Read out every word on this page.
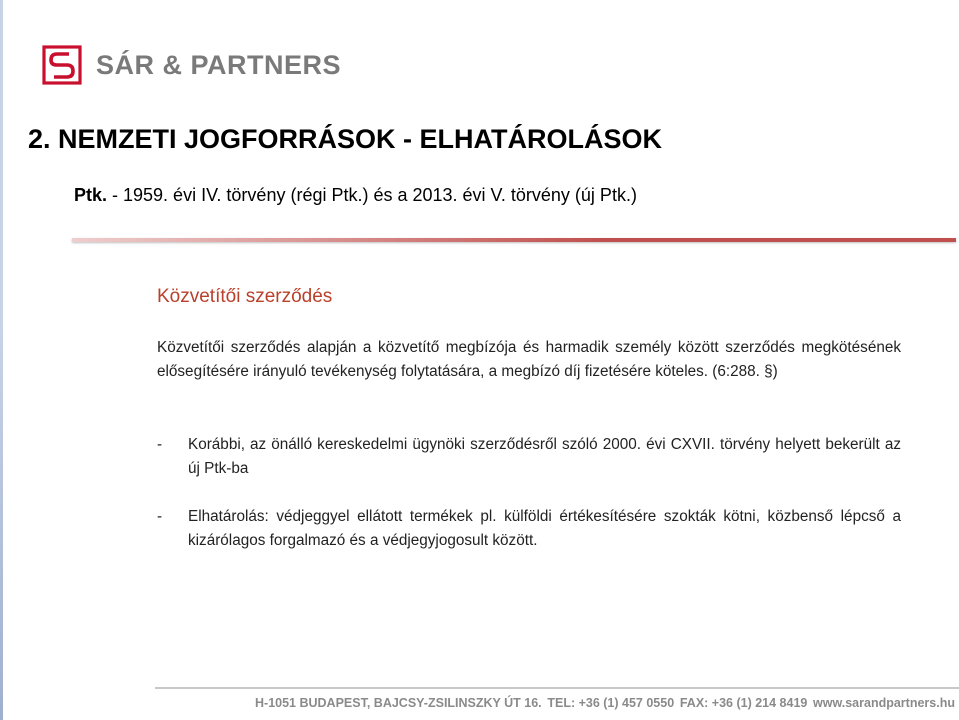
SÁR & PARTNERS
2. NEMZETI JOGFORRÁSOK - ELHATÁROLÁSOK

Ptk. - 1959. évi IV. törvény (régi Ptk.) és a 2013. évi V. törvény (új Ptk.)

Közvetítői szerződés

Közvetítői szerződés alapján a közvetítő megbízója és harmadik személy között szerződés megkötésének elősegítésére irányuló tevékenység folytatására, a megbízó díj fizetésére köteles. (6:288. §)

-	Korábbi, az önálló kereskedelmi ügynöki szerződésről szóló 2000. évi CXVII. törvény helyett bekerült az új Ptk-ba
-	Elhatárolás: védjeggyel ellátott termékek pl. külföldi értékesítésére szokták kötni, közbenső lépcső a kizárólagos forgalmazó és a védjegyjogosult között.
H-1051 BUDAPEST, BAJCSY-ZSILINSZKY ÚT 16. TEL: +36 (1) 457 0550 FAX: +36 (1) 214 8419 www.sarandpartners.hu
